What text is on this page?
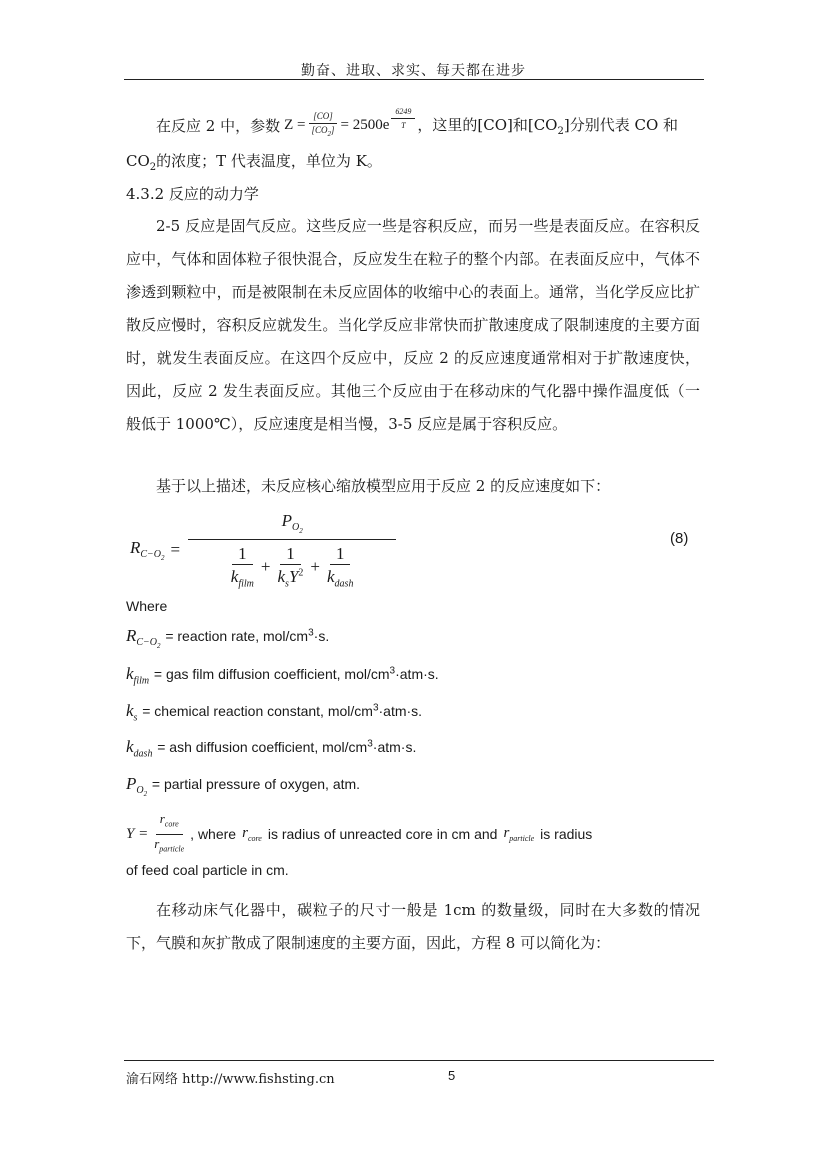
勤奋、进取、求实、每天都在进步
在反应 2 中，参数 $Z = \frac{[CO]}{[CO_2]} = 2500e \frac{6249}{T}$ ，这里的[CO]和$[CO_2]$分别代表 CO 和
$CO_2$的浓度；T 代表温度，单位为 K。
4.3.2 反应的动力学

2-5 反应是固气反应。这些反应一些是容积反应，而另一些是表面反应。在容积反应中，气体和固体粒子很快混合，反应发生在粒子的整个内部。在表面反应中，气体不渗透到颗粒中，而是被限制在未反应固体的收缩中心的表面上。通常，当化学反应比扩散反应慢时，容积反应就发生。当化学反应非常快而扩散速度成了限制速度的主要方面时，就发生表面反应。在这四个反应中，反应 2 的反应速度通常相对于扩散速度快，因此，反应 2 发生表面反应。其他三个反应由于在移动床的气化器中操作温度低（一般低于 1000℃），反应速度是相当慢，3-5 反应是属于容积反应。

基于以上描述，未反应核心缩放模型应用于反应 2 的反应速度如下：

$R_{C-O_2}$ =
$P_{O_2}$
$\frac{1}{k_{film}} + \frac{1}{k_sY^2} + \frac{1}{k_{dash}}$
(8)
Where
$R_{C-O_2}$ = reaction rate, mol/$cm^3\cdot s$.
$k_{film}$ = gas film diffusion coefficient, mol/$cm^3\cdot atm\cdot s$.
$k_s$ = chemical reaction constant, mol/$cm^3\cdot atm\cdot s$.
$k_{dash}$ = ash diffusion coefficient, mol/$cm^3\cdot atm\cdot s$.
$P_{O_2}$ = partial pressure of oxygen, atm.
$Y = \frac{r_{core}}{r_{particle}}$ , where $r_{core}$ is radius of unreacted core in cm and $r_{particle}$ is radius
of feed coal particle in cm.

在移动床气化器中，碳粒子的尺寸一般是 1cm 的数量级，同时在大多数的情况下，气膜和灰扩散成了限制速度的主要方面，因此，方程 8 可以简化为：

渝石网络 http://www.fishsting.cn	5
